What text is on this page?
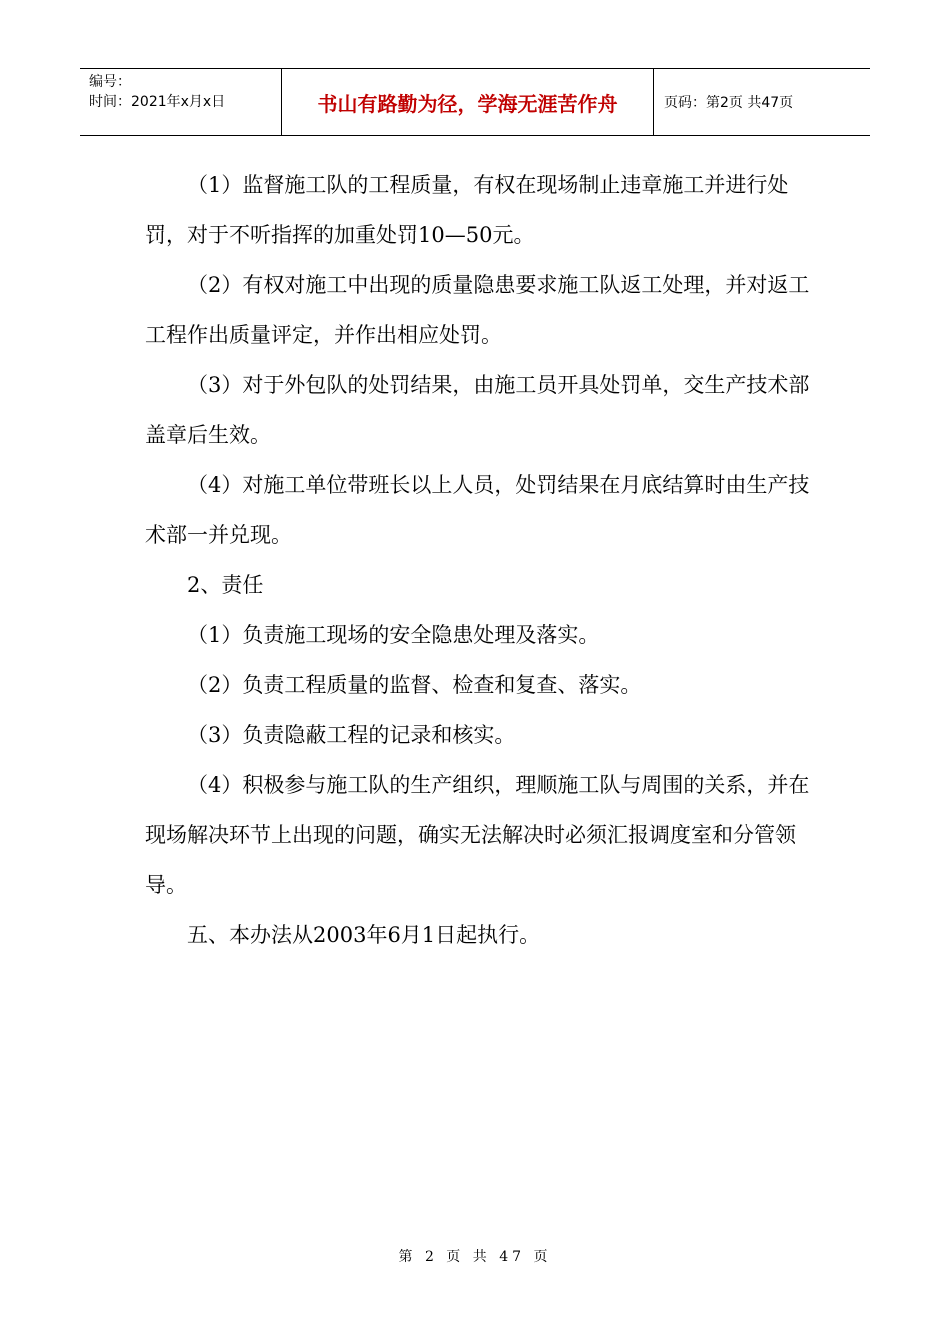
编号：
时间：2021年x月x日	书山有路勤为径，学海无涯苦作舟	页码：第2页 共47页

（1）监督施工队的工程质量，有权在现场制止违章施工并进行处罚，对于不听指挥的加重处罚10—50元。

（2）有权对施工中出现的质量隐患要求施工队返工处理，并对返工工程作出质量评定，并作出相应处罚。

（3）对于外包队的处罚结果，由施工员开具处罚单，交生产技术部盖章后生效。

（4）对施工单位带班长以上人员，处罚结果在月底结算时由生产技术部一并兑现。

2、责任

（1）负责施工现场的安全隐患处理及落实。

（2）负责工程质量的监督、检查和复查、落实。

（3）负责隐蔽工程的记录和核实。

（4）积极参与施工队的生产组织，理顺施工队与周围的关系，并在现场解决环节上出现的问题，确实无法解决时必须汇报调度室和分管领导。

五、本办法从2003年6月1日起执行。

第 2 页 共 47 页
